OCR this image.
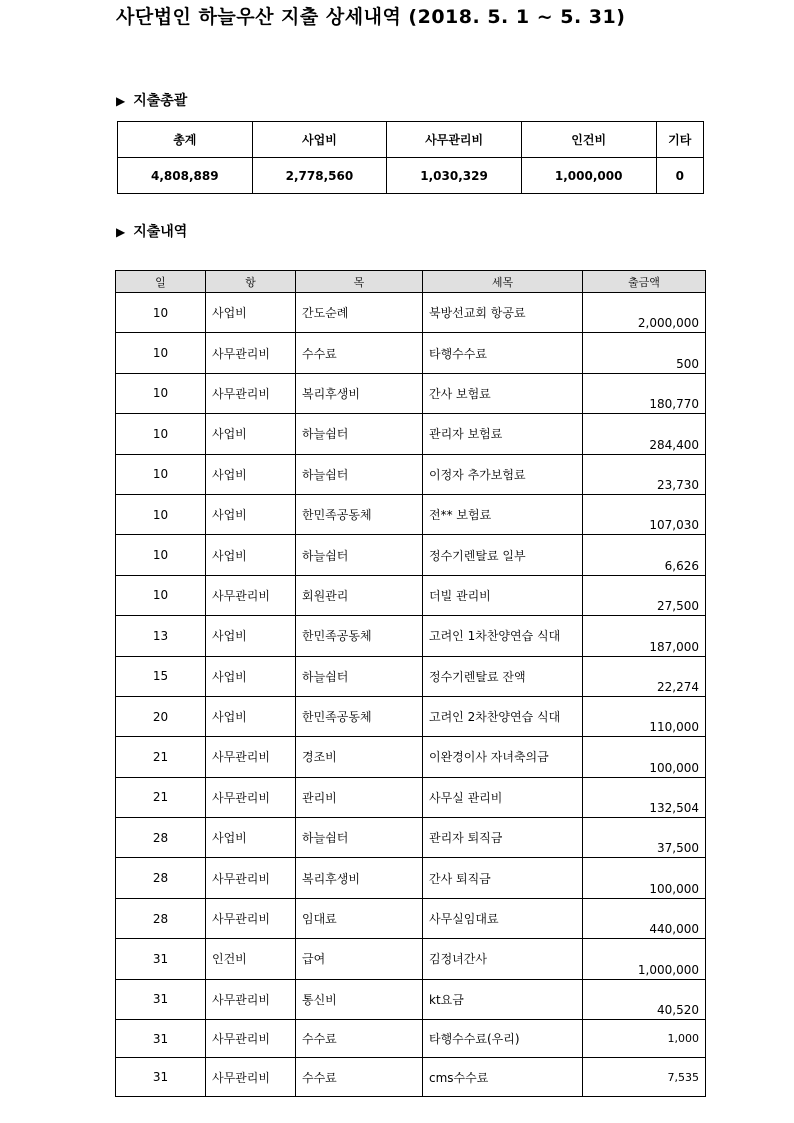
사단법인 하늘우산 지출 상세내역 (2018. 5. 1 ~ 5. 31)
▶ 지출총괄
총계	사업비	사무관리비	인건비	기타
4,808,889	2,778,560	1,030,329	1,000,000	0
▶ 지출내역
일	항	목	세목	출금액
10	사업비	간도순례	북방선교회 항공료	2,000,000
10	사무관리비	수수료	타행수수료	500
10	사무관리비	복리후생비	간사 보험료	180,770
10	사업비	하늘쉼터	관리자 보험료	284,400
10	사업비	하늘쉼터	이정자 추가보험료	23,730
10	사업비	한민족공동체	전** 보험료	107,030
10	사업비	하늘쉼터	정수기렌탈료 일부	6,626
10	사무관리비	회원관리	더빌 관리비	27,500
13	사업비	한민족공동체	고려인 1차찬양연습 식대	187,000
15	사업비	하늘쉼터	정수기렌탈료 잔액	22,274
20	사업비	한민족공동체	고려인 2차찬양연습 식대	110,000
21	사무관리비	경조비	이완경이사 자녀축의금	100,000
21	사무관리비	관리비	사무실 관리비	132,504
28	사업비	하늘쉼터	관리자 퇴직금	37,500
28	사무관리비	복리후생비	간사 퇴직금	100,000
28	사무관리비	임대료	사무실임대료	440,000
31	인건비	급여	김정녀간사	1,000,000
31	사무관리비	통신비	kt요금	40,520
31	사무관리비	수수료	타행수수료(우리)	1,000
31	사무관리비	수수료	cms수수료	7,535
